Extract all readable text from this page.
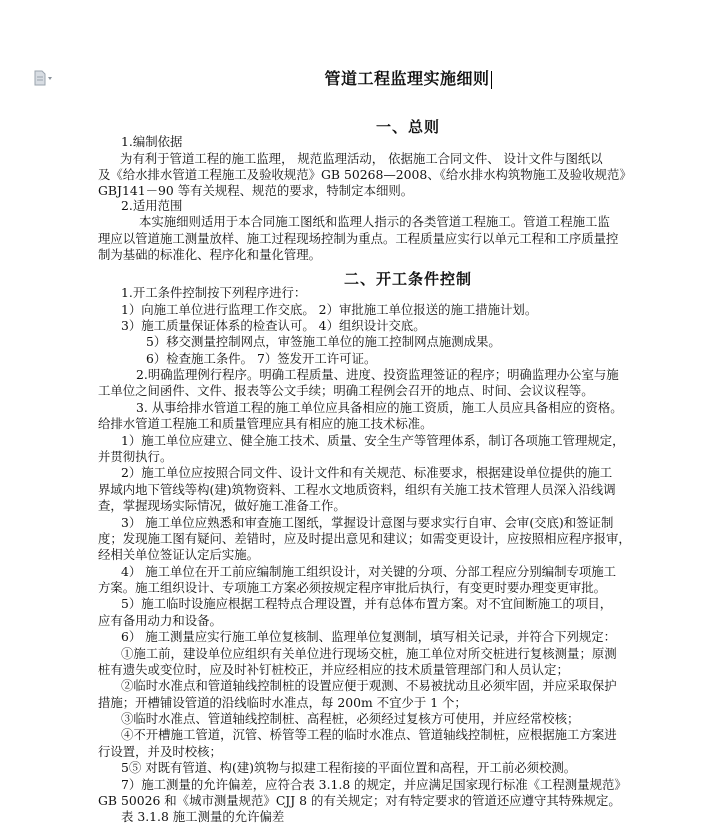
管道工程监理实施细则
一、总则
二、开工条件控制
1.编制依据
为有利于管道工程的施工监理， 规范监理活动， 依据施工合同文件、 设计文件与图纸以
及《给水排水管道工程施工及验收规范》GB 50268—2008、《给水排水构筑物施工及验收规范》
GBJ141－90 等有关规程、规范的要求，特制定本细则。
2.适用范围
本实施细则适用于本合同施工图纸和监理人指示的各类管道工程施工。管道工程施工监
理应以管道施工测量放样、施工过程现场控制为重点。工程质量应实行以单元工程和工序质量控
制为基础的标准化、程序化和量化管理。
1.开工条件控制按下列程序进行：
1）向施工单位进行监理工作交底。 2）审批施工单位报送的施工措施计划。
3）施工质量保证体系的检查认可。 4）组织设计交底。
5）移交测量控制网点，审签施工单位的施工控制网点施测成果。
6）检查施工条件。 7）签发开工许可证。
2.明确监理例行程序。明确工程质量、进度、投资监理签证的程序；明确监理办公室与施
工单位之间函件、文件、报表等公文手续；明确工程例会召开的地点、时间、会议议程等。
3. 从事给排水管道工程的施工单位应具备相应的施工资质，施工人员应具备相应的资格。
给排水管道工程施工和质量管理应具有相应的施工技术标准。
1）施工单位应建立、健全施工技术、质量、安全生产等管理体系，制订各项施工管理规定，
并贯彻执行。
2）施工单位应按照合同文件、设计文件和有关规范、标准要求，根据建设单位提供的施工
界域内地下管线等构(建)筑物资料、工程水文地质资料，组织有关施工技术管理人员深入沿线调
查，掌握现场实际情况，做好施工准备工作。
3） 施工单位应熟悉和审查施工图纸，掌握设计意图与要求实行自审、会审(交底)和签证制
度；发现施工图有疑问、差错时，应及时提出意见和建议；如需变更设计，应按照相应程序报审，
经相关单位签证认定后实施。
4） 施工单位在开工前应编制施工组织设计，对关键的分项、分部工程应分别编制专项施工
方案。施工组织设计、专项施工方案必须按规定程序审批后执行，有变更时要办理变更审批。
5）施工临时设施应根据工程特点合理设置，并有总体布置方案。对不宜间断施工的项目，
应有备用动力和设备。
6） 施工测量应实行施工单位复核制、监理单位复测制，填写相关记录，并符合下列规定：
①施工前，建设单位应组织有关单位进行现场交桩，施工单位对所交桩进行复核测量；原测
桩有遗失或变位时，应及时补钉桩校正，并应经相应的技术质量管理部门和人员认定；
②临时水准点和管道轴线控制桩的设置应便于观测、不易被扰动且必须牢固，并应采取保护
措施；开槽铺设管道的沿线临时水准点，每 200m 不宜少于 1 个；
③临时水准点、管道轴线控制桩、高程桩，必须经过复核方可使用，并应经常校核；
④不开槽施工管道，沉管、桥管等工程的临时水准点、管道轴线控制桩，应根据施工方案进
行设置，并及时校核；
5⑤ 对既有管道、构(建)筑物与拟建工程衔接的平面位置和高程，开工前必须校测。
7）施工测量的允许偏差，应符合表 3.1.8 的规定，并应满足国家现行标准《工程测量规范》
GB 50026 和《城市测量规范》CJJ 8 的有关规定；对有特定要求的管道还应遵守其特殊规定。
表 3.1.8 施工测量的允许偏差
